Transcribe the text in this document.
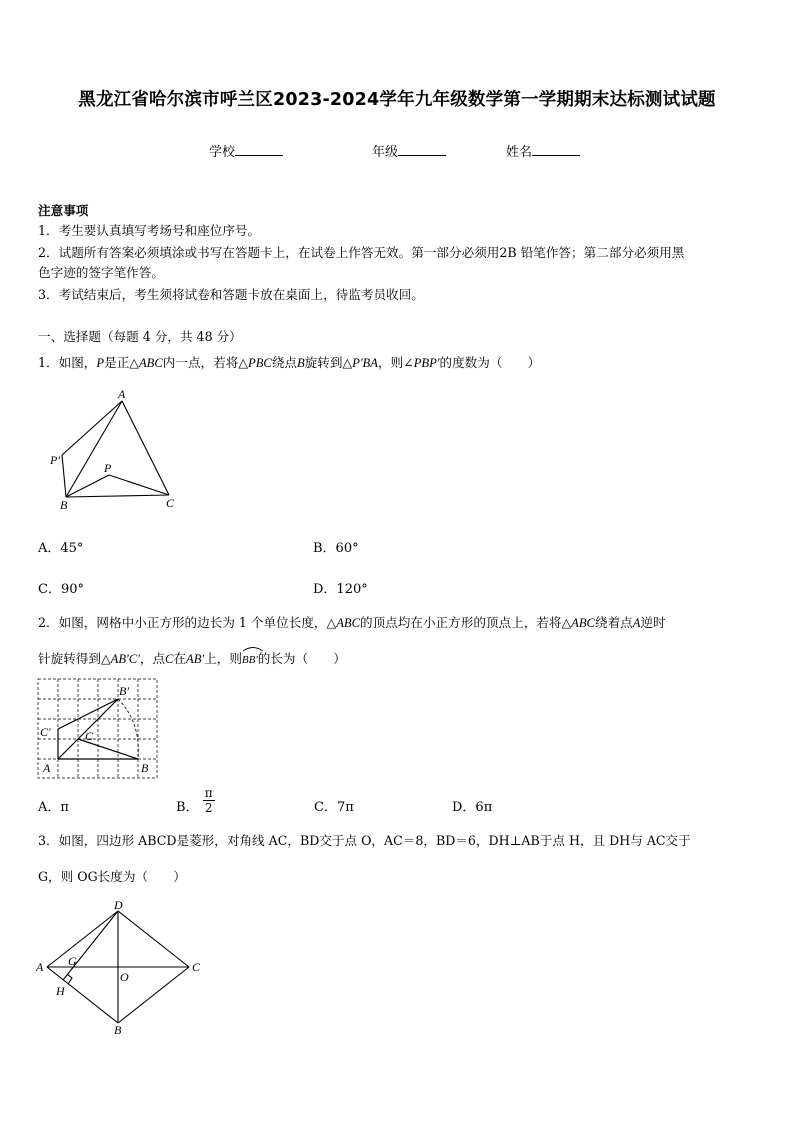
黑龙江省哈尔滨市呼兰区2023-2024学年九年级数学第一学期期末达标测试试题
学校	年级	姓名
注意事项
1．考生要认真填写考场号和座位序号。
2．试题所有答案必须填涂或书写在答题卡上，在试卷上作答无效。第一部分必须用2B 铅笔作答；第二部分必须用黑
色字迹的签字笔作答。
3．考试结束后，考生须将试卷和答题卡放在桌面上，待监考员收回。
一、选择题（每题 4 分，共 48 分）
1．如图，P是正△ABC内一点，若将△PBC绕点B旋转到△P'BA，则∠PBP'的度数为（　　）
A
B	C
P
P'
A．45°	B．60°
C．90°	D．120°
2．如图，网格中小正方形的边长为 1 个单位长度，△ABC的顶点均在小正方形的顶点上，若将△ABC绕着点A逆时
针旋转得到△AB'C'，点C在AB'上，则
BB'的长为（　　）
A	B
C
B'
C'
A．π	B． $\frac{\pi}{2}$	C．7π	D．6π
3．如图，四边形 ABCD是菱形，对角线 AC，BD交于点 O，AC＝8，BD＝6，DH⊥AB于点 H，且 DH与 AC交于
G，则 OG长度为（　　）
D
A	C
B
G
H
O
